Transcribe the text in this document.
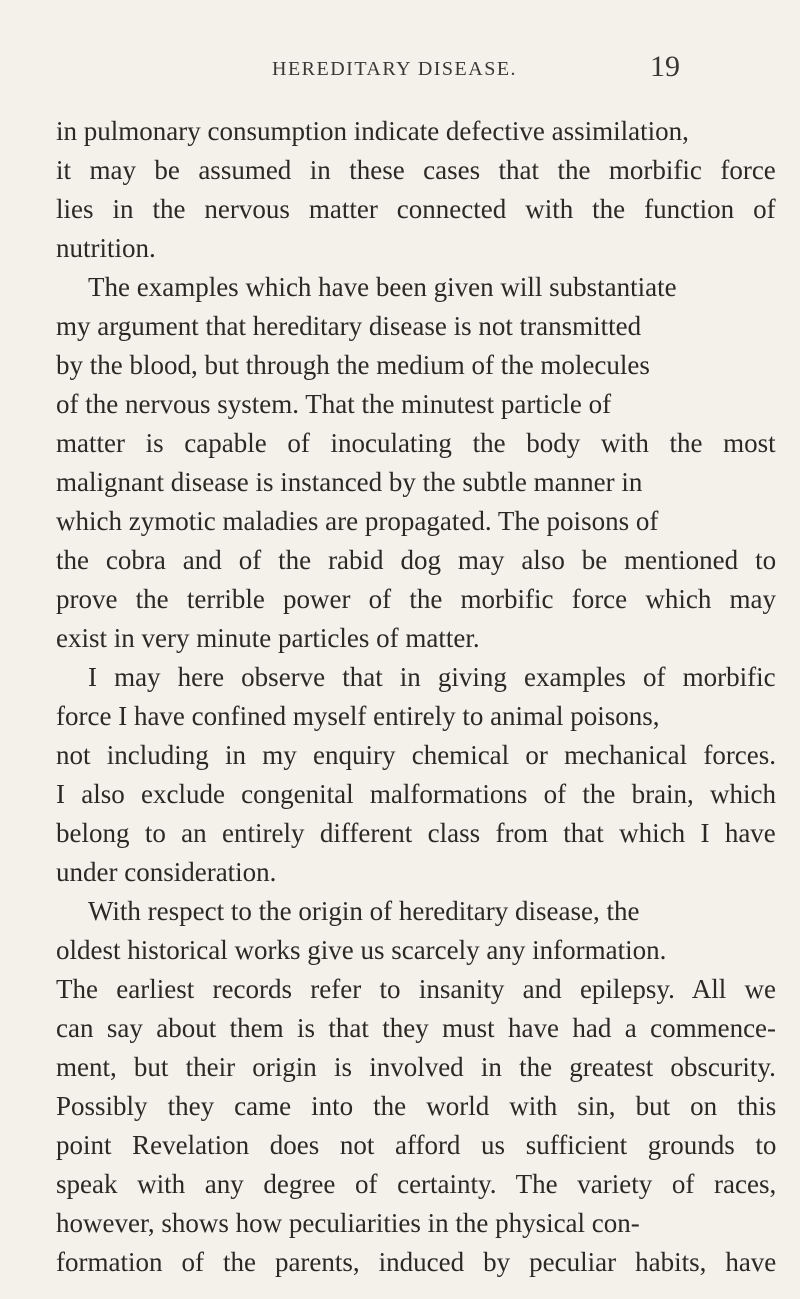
HEREDITARY DISEASE.	19
in pulmonary consumption indicate defective assimilation,
it may be assumed in these cases that the morbific force
lies in the nervous matter connected with the function of
nutrition.
The examples which have been given will substantiate
my argument that hereditary disease is not transmitted
by the blood, but through the medium of the molecules
of the nervous system. That the minutest particle of
matter is capable of inoculating the body with the most
malignant disease is instanced by the subtle manner in
which zymotic maladies are propagated. The poisons of
the cobra and of the rabid dog may also be mentioned to
prove the terrible power of the morbific force which may
exist in very minute particles of matter.
I may here observe that in giving examples of morbific
force I have confined myself entirely to animal poisons,
not including in my enquiry chemical or mechanical forces.
I also exclude congenital malformations of the brain, which
belong to an entirely different class from that which I have
under consideration.
With respect to the origin of hereditary disease, the
oldest historical works give us scarcely any information.
The earliest records refer to insanity and epilepsy. All we
can say about them is that they must have had a commence-
ment, but their origin is involved in the greatest obscurity.
Possibly they came into the world with sin, but on this
point Revelation does not afford us sufficient grounds to
speak with any degree of certainty. The variety of races,
however, shows how peculiarities in the physical con-
formation of the parents, induced by peculiar habits, have
